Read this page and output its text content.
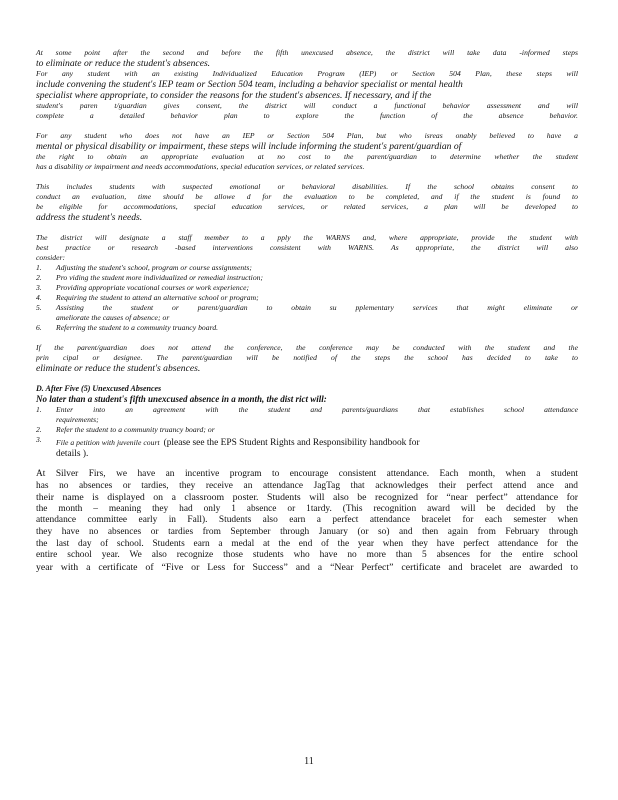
At some point after the second and before the fifth unexcused absence, the district will take data -informed steps
to eliminate or reduce the student's absences.
For any student with an existing Individualized Education Program (IEP) or Section 504 Plan, these steps will
include convening the student's IEP team or Section 504 team, including a behavior specialist or mental health
specialist where appropriate, to consider the reasons for the student's absences. If necessary, and if the
student's paren t/guardian gives consent, the district will conduct a functional behavior assessment and will
complete a detailed behavior plan to explore the function of the absence behavior.
For any student who does not have an IEP or Section 504 Plan, but who isreas onably believed to have a
mental or physical disability or impairment, these steps will include informing the student's parent/guardian of
the right to obtain an appropriate evaluation at no cost to the parent/guardian to determine whether the student
has a disability or impairment and needs accommodations, special education services, or related services.
This includes students with suspected emotional or behavioral disabilities. If the school obtains consent to
conduct an evaluation, time should be allowe d for the evaluation to be completed, and if the student is found to
be eligible for accommodations, special education services, or related services, a plan will be developed to
address the student's needs.
The district will designate a staff member to a pply the WARNS and, where appropriate, provide the student with
best practice or research -based interventions consistent with WARNS. As appropriate, the district will also
consider:
1. Adjusting the student's school, program or course assignments;
2. Pro viding the student more individualized or remedial instruction;
3. Providing appropriate vocational courses or work experience;
4. Requiring the student to attend an alternative school or program;
5. Assisting the student or parent/guardian to obtain su pplementary services that might eliminate or
ameliorate the causes of absence; or
6. Referring the student to a community truancy board.
If the parent/guardian does not attend the conference, the conference may be conducted with the student and the
prin cipal or designee. The parent/guardian will be notified of the steps the school has decided to take to
eliminate or reduce the student's absences.
D. After Five (5) Unexcused Absences
No later than a student's fifth unexcused absence in a month, the dist rict will:
1. Enter into an agreement with the student and parents/guardians that establishes school attendance
requirements;
2. Refer the student to a community truancy board; or
3. File a petition with juvenile court (please see the EPS Student Rights and Responsibility handbook for
details ).
At Silver Firs, we have an incentive program to encourage consistent attendance. Each month, when a student
has no absences or tardies, they receive an attendance JagTag that acknowledges their perfect attend ance and
their name is displayed on a classroom poster. Students will also be recognized for “near perfect” attendance for
the month – meaning they had only 1 absence or 1tardy. (This recognition award will be decided by the
attendance committee early in Fall). Students also earn a perfect attendance bracelet for each semester when
they have no absences or tardies from September through January (or so) and then again from February through
the last day of school. Students earn a medal at the end of the year when they have perfect attendance for the
entire school year. We also recognize those students who have no more than 5 absences for the entire school
year with a certificate of “Five or Less for Success” and a “Near Perfect” certificate and bracelet are awarded to
11
